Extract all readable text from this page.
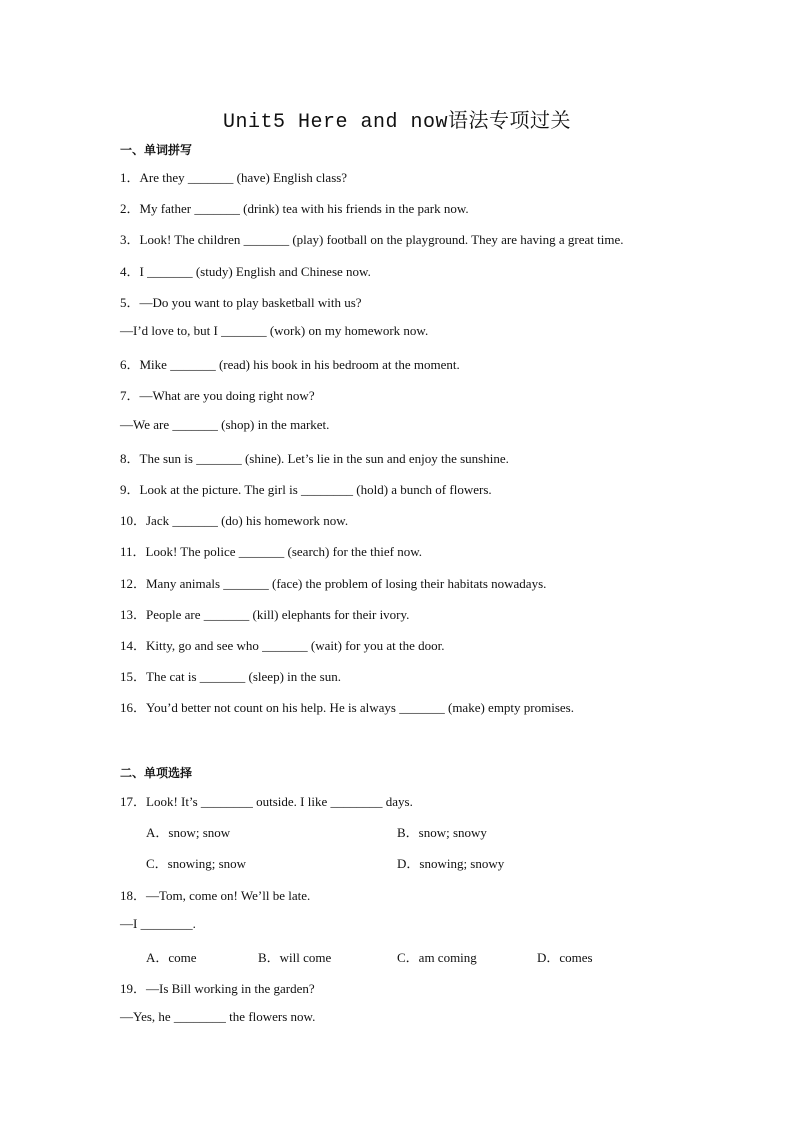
Unit5 Here and now语法专项过关
一、单词拼写
1．Are they _______ (have) English class?
2．My father _______ (drink) tea with his friends in the park now.
3．Look! The children _______ (play) football on the playground. They are having a great time.
4．I _______ (study) English and Chinese now.
5．—Do you want to play basketball with us?
—I’d love to, but I _______ (work) on my homework now.
6．Mike _______ (read) his book in his bedroom at the moment.
7．—What are you doing right now?
—We are _______ (shop) in the market.
8．The sun is _______ (shine). Let’s lie in the sun and enjoy the sunshine.
9．Look at the picture. The girl is ________ (hold) a bunch of flowers.
10．Jack _______ (do) his homework now.
11．Look! The police _______ (search) for the thief now.
12．Many animals _______ (face) the problem of losing their habitats nowadays.
13．People are _______ (kill) elephants for their ivory.
14．Kitty, go and see who _______ (wait) for you at the door.
15．The cat is _______ (sleep) in the sun.
16．You’d better not count on his help. He is always _______ (make) empty promises.
二、单项选择
17．Look! It’s ________ outside. I like ________ days.
A．snow; snow	B．snow; snowy
C．snowing; snow	D．snowing; snowy
18．—Tom, come on! We’ll be late.
—I ________.
A．come	B．will come	C．am coming	D．comes
19．—Is Bill working in the garden?
—Yes, he ________ the flowers now.
